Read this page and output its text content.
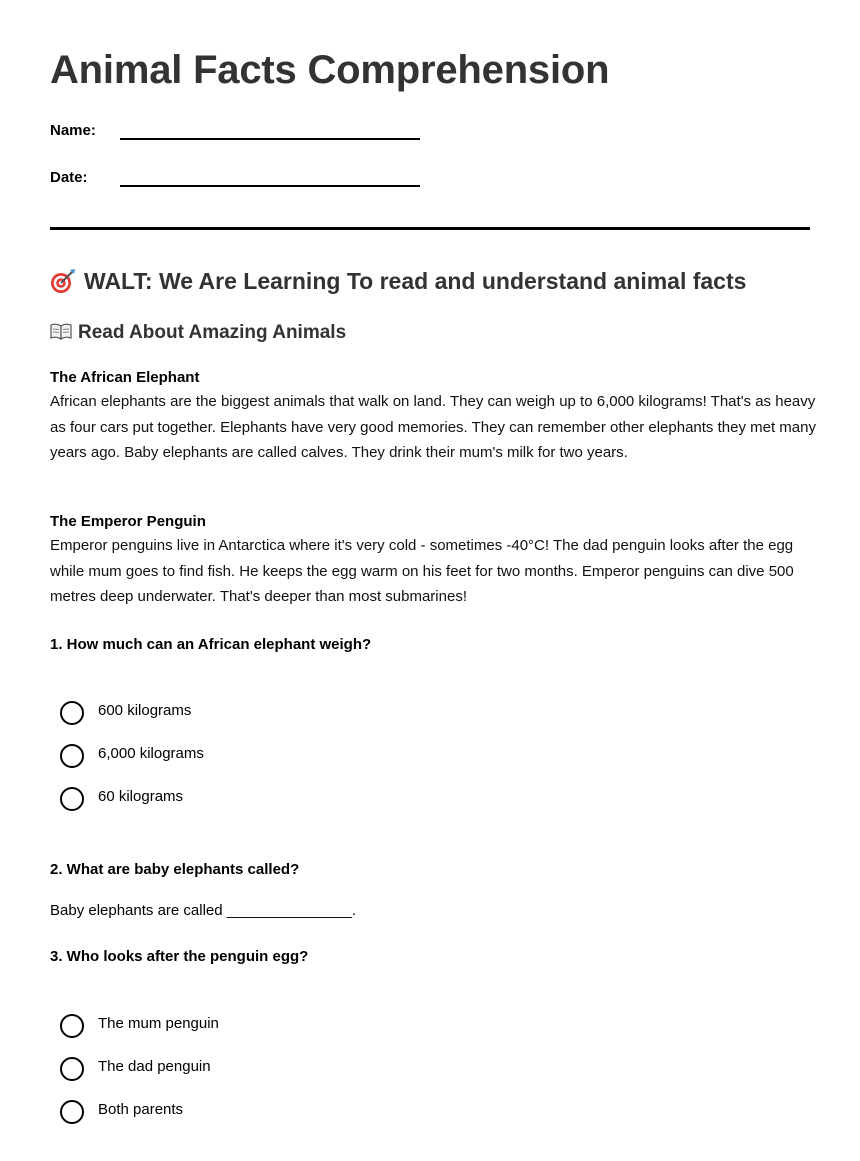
Animal Facts Comprehension
Name:
Date:
WALT: We Are Learning To read and understand animal facts
Read About Amazing Animals

The African Elephant

African elephants are the biggest animals that walk on land. They can weigh up to 6,000 kilograms! That's as heavy as four cars put together. Elephants have very good memories. They can remember other elephants they met many years ago. Baby elephants are called calves. They drink their mum's milk for two years.

The Emperor Penguin

Emperor penguins live in Antarctica where it's very cold - sometimes -40°C! The dad penguin looks after the egg while mum goes to find fish. He keeps the egg warm on his feet for two months. Emperor penguins can dive 500 metres deep underwater. That's deeper than most submarines!

1. How much can an African elephant weigh?

600 kilograms
6,000 kilograms
60 kilograms

2. What are baby elephants called?

Baby elephants are called _______________.

3. Who looks after the penguin egg?

The mum penguin
The dad penguin
Both parents
